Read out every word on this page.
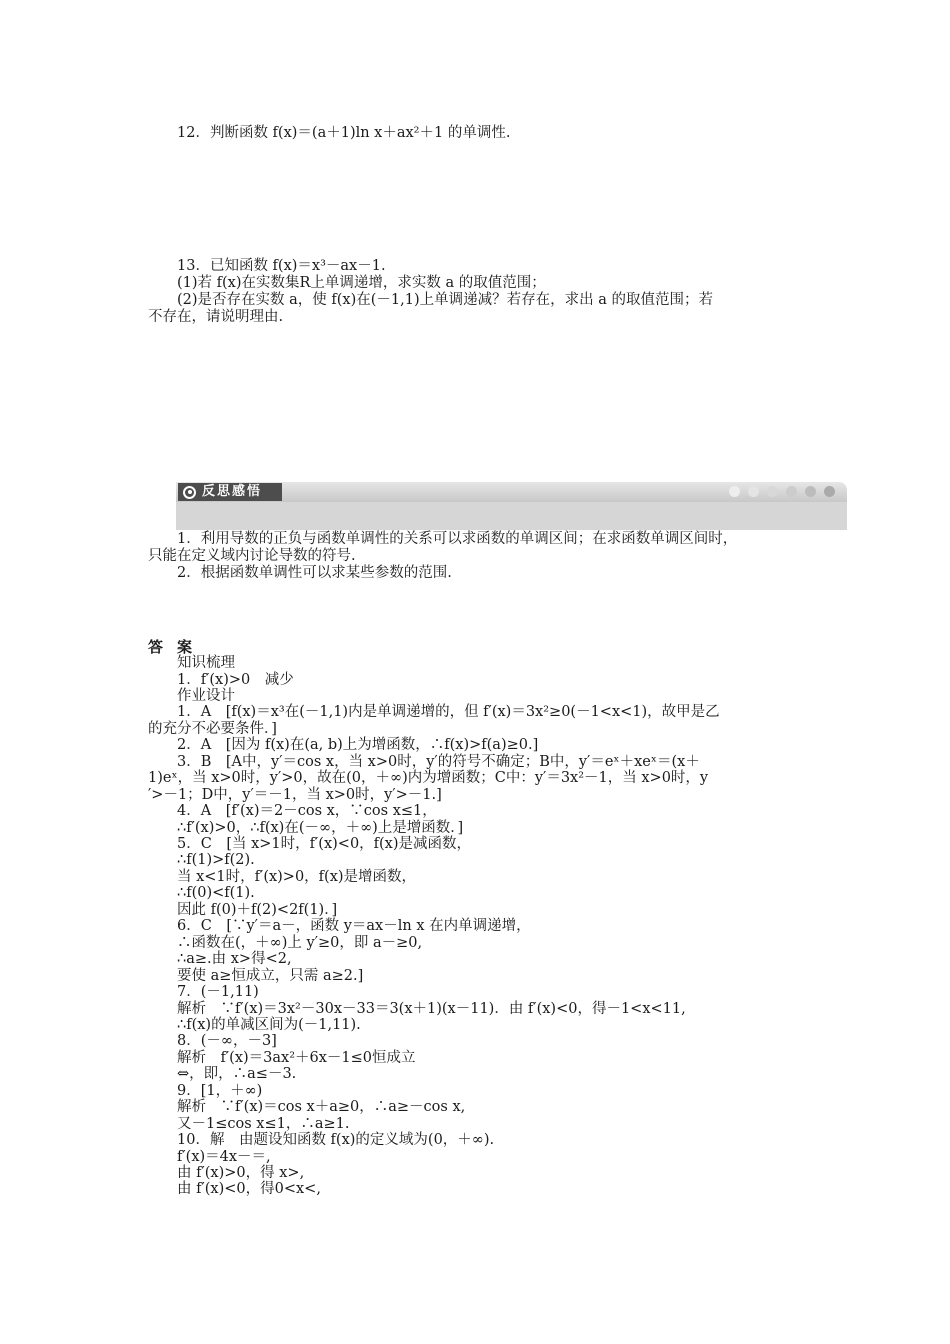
12．判断函数 f(x)＝(a＋1)ln x＋ax²＋1 的单调性.
13．已知函数 f(x)＝x³－ax－1.
(1)若 f(x)在实数集R上单调递增，求实数 a 的取值范围；
(2)是否存在实数 a，使 f(x)在(－1,1)上单调递减？若存在，求出 a 的取值范围；若
不存在，请说明理由.
反思感悟
1．利用导数的正负与函数单调性的关系可以求函数的单调区间；在求函数单调区间时，
只能在定义域内讨论导数的符号.
2．根据函数单调性可以求某些参数的范围.
答案
知识梳理
1．f′(x)>0　减少
作业设计
1．A　[f(x)＝x³在(－1,1)内是单调递增的，但 f′(x)＝3x²≥0(－1<x<1)，故甲是乙
的充分不必要条件．]
2．A　[因为 f(x)在(a, b)上为增函数，∴f(x)>f(a)≥0.]
3．B　[A中，y′＝cos x，当 x>0时，y′的符号不确定；B中，y′＝eˣ＋xeˣ＝(x＋
1)eˣ，当 x>0时，y′>0，故在(0，＋∞)内为增函数；C中：y′＝3x²－1，当 x>0时，y
′>－1；D中，y′＝－1，当 x>0时，y′>－1.]
4．A　[f′(x)＝2－cos x，∵cos x≤1，
∴f′(x)>0，∴f(x)在(－∞，＋∞)上是增函数．]
5．C　[当 x>1时，f′(x)<0，f(x)是减函数，
∴f(1)>f(2).
当 x<1时，f′(x)>0，f(x)是增函数，
∴f(0)<f(1).
因此 f(0)＋f(2)<2f(1)．]
6．C　[∵y′＝a－，函数 y＝ax－ln x 在内单调递增，
∴函数在(，＋∞)上 y′≥0，即 a－≥0,
∴a≥.由 x>得<2,
要使 a≥恒成立，只需 a≥2.]
7．(－1,11)
解析　∵f′(x)＝3x²－30x－33＝3(x＋1)(x－11)．由 f′(x)<0，得－1<x<11,
∴f(x)的单减区间为(－1,11).
8．(－∞，－3]
解析　f′(x)＝3ax²＋6x－1≤0恒成立
⇔，即，∴a≤－3.
9．[1，＋∞)
解析　∵f′(x)＝cos x＋a≥0，∴a≥－cos x,
又－1≤cos x≤1，∴a≥1.
10．解　由题设知函数 f(x)的定义域为(0，＋∞).
f′(x)＝4x－＝,
由 f′(x)>0，得 x>,
由 f′(x)<0，得0<x<,
